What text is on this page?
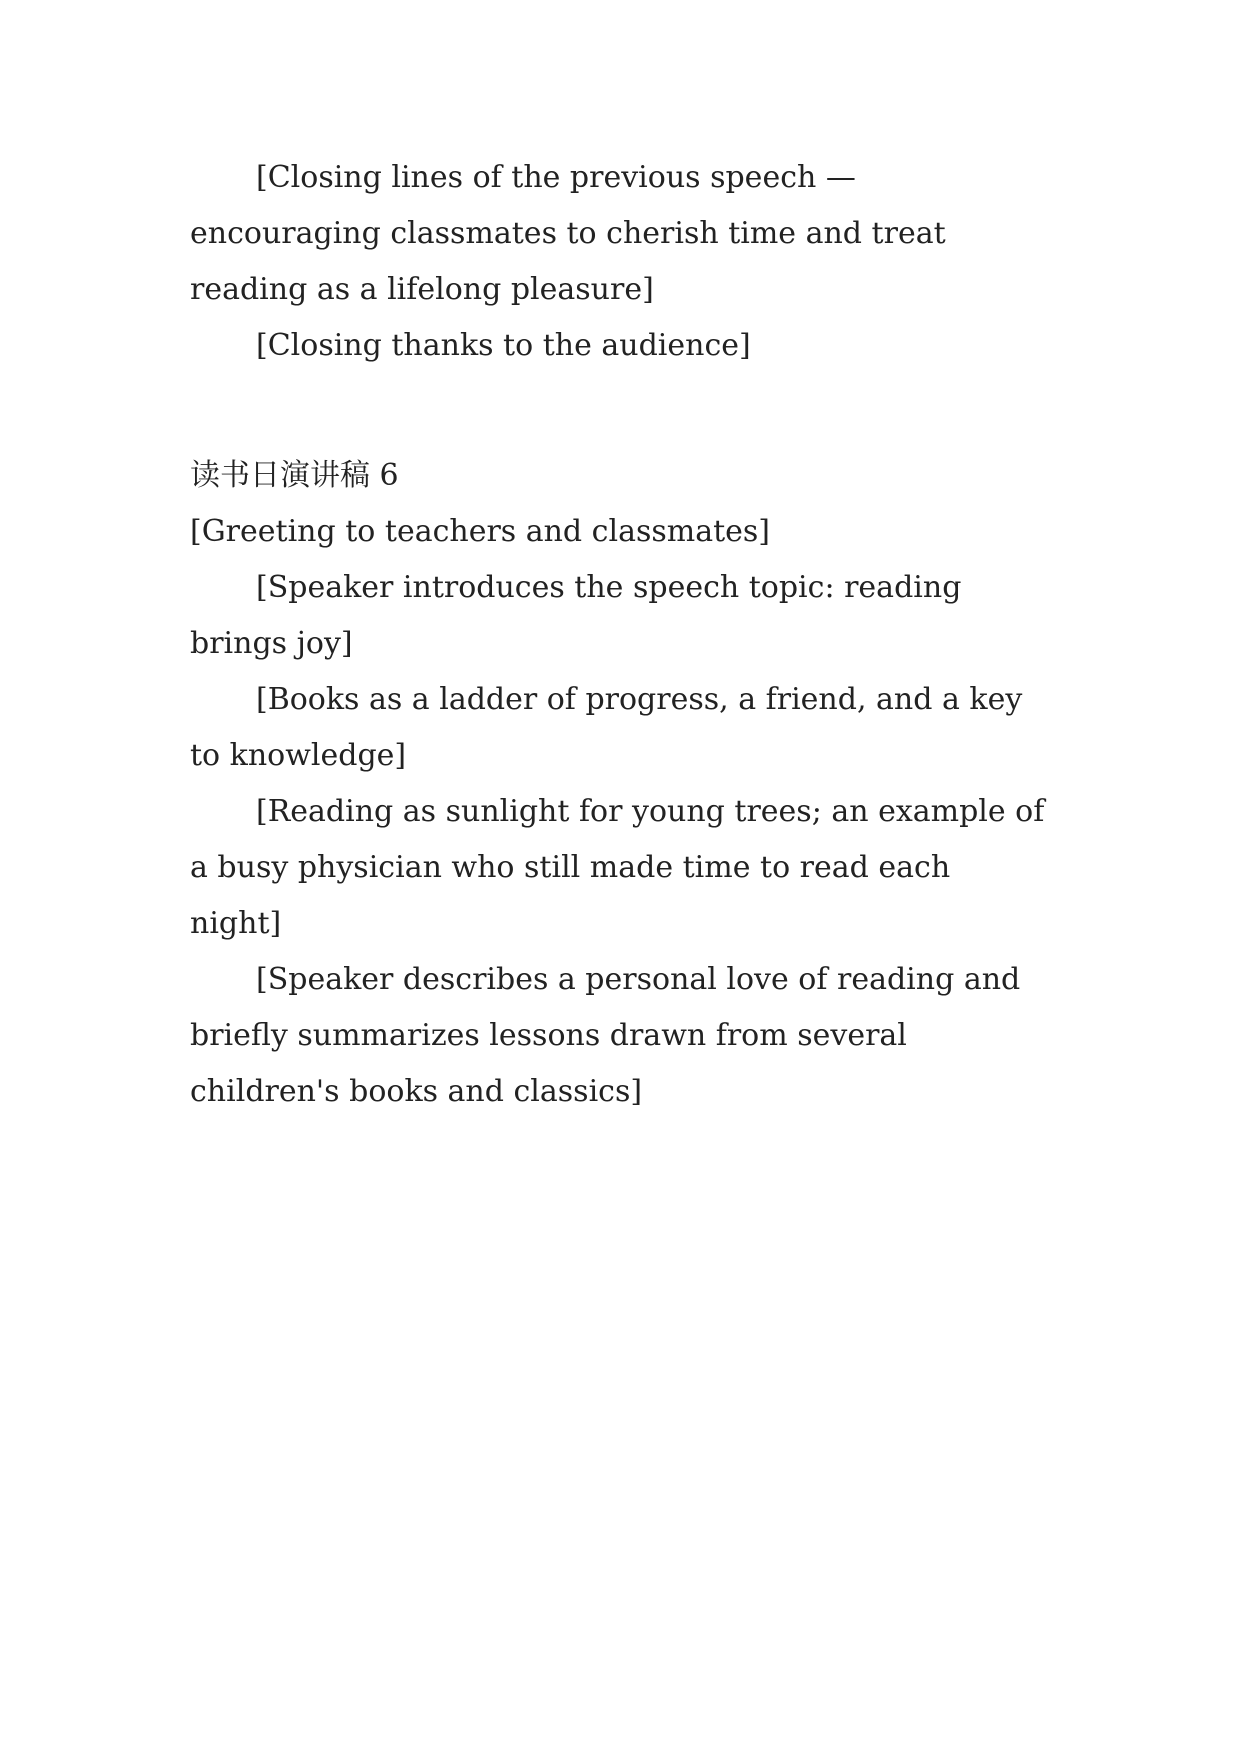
[Closing lines of the previous speech — encouraging classmates to cherish time and treat reading as a lifelong pleasure]

[Closing thanks to the audience]

读书日演讲稿 6

[Greeting to teachers and classmates]

[Speaker introduces the speech topic: reading brings joy]

[Books as a ladder of progress, a friend, and a key to knowledge]

[Reading as sunlight for young trees; an example of a busy physician who still made time to read each night]

[Speaker describes a personal love of reading and briefly summarizes lessons drawn from several children's books and classics]
